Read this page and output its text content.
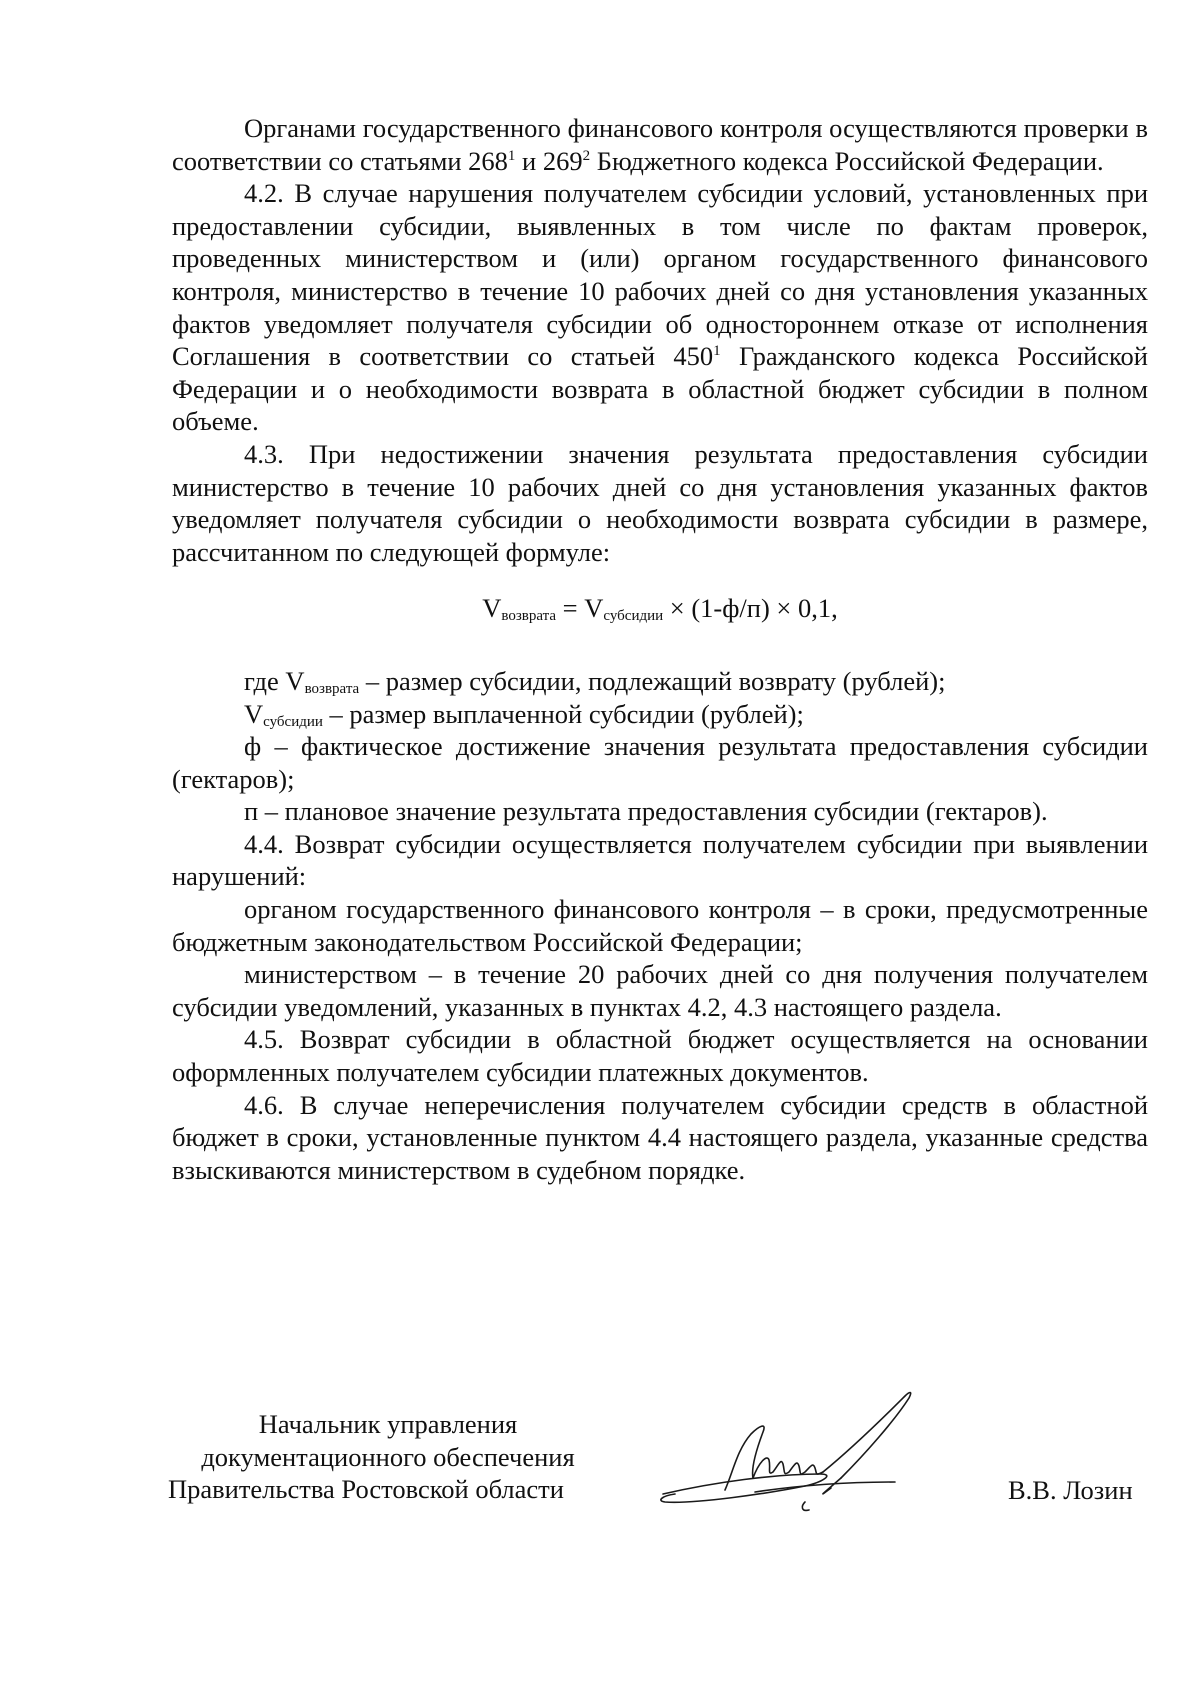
Органами государственного финансового контроля осуществляются проверки в соответствии со статьями $268^1$ и $269^2$ Бюджетного кодекса Российской Федерации.

4.2. В случае нарушения получателем субсидии условий, установленных при предоставлении субсидии, выявленных в том числе по фактам проверок, проведенных министерством и (или) органом государственного финансового контроля, министерство в течение 10 рабочих дней со дня установления указанных фактов уведомляет получателя субсидии об одностороннем отказе от исполнения Соглашения в соответствии со статьей $450^1$ Гражданского кодекса Российской Федерации и о необходимости возврата в областной бюджет субсидии в полном объеме.

4.3. При недостижении значения результата предоставления субсидии министерство в течение 10 рабочих дней со дня установления указанных фактов уведомляет получателя субсидии о необходимости возврата субсидии в размере, рассчитанном по следующей формуле:

$V_{возврата} = V_{субсидии} \times (1-ф/п) \times 0,1$,

где $V_{возврата}$ – размер субсидии, подлежащий возврату (рублей);

$V_{субсидии}$ – размер выплаченной субсидии (рублей);

ф – фактическое достижение значения результата предоставления субсидии (гектаров);

п – плановое значение результата предоставления субсидии (гектаров).

4.4. Возврат субсидии осуществляется получателем субсидии при выявлении нарушений:

органом государственного финансового контроля – в сроки, предусмотренные бюджетным законодательством Российской Федерации;

министерством – в течение 20 рабочих дней со дня получения получателем субсидии уведомлений, указанных в пунктах 4.2, 4.3 настоящего раздела.

4.5. Возврат субсидии в областной бюджет осуществляется на основании оформленных получателем субсидии платежных документов.

4.6. В случае неперечисления получателем субсидии средств в областной бюджет в сроки, установленные пунктом 4.4 настоящего раздела, указанные средства взыскиваются министерством в судебном порядке.

Начальник управления
документационного обеспечения
Правительства Ростовской области	В.В. Лозин
